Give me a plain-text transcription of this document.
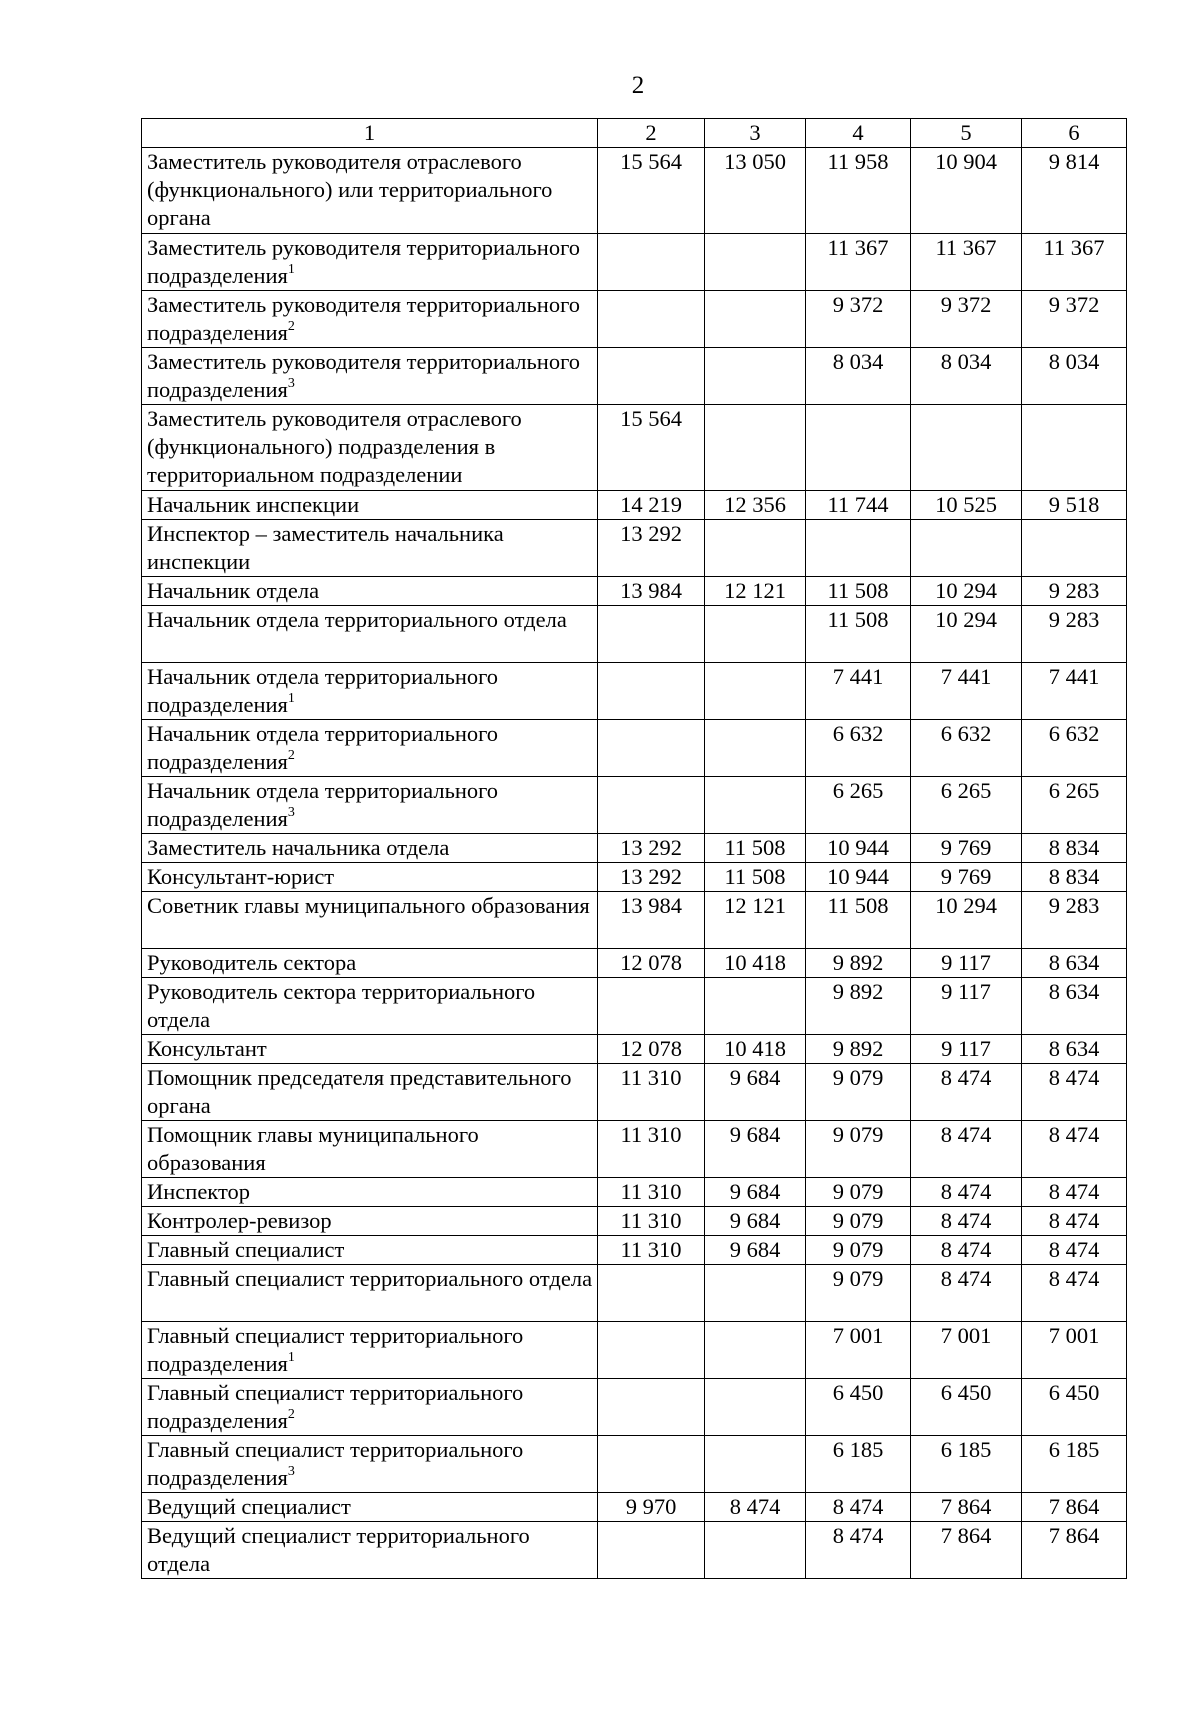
2
1	2	3	4	5	6
Заместитель руководителя отраслевого (функционального) или территориального органа	15 564	13 050	11 958	10 904	9 814
Заместитель руководителя территориального подразделения$^1$			11 367	11 367	11 367
Заместитель руководителя территориального подразделения$^2$			9 372	9 372	9 372
Заместитель руководителя территориального подразделения$^3$			8 034	8 034	8 034
Заместитель руководителя отраслевого (функционального) подразделения в территориальном подразделении	15 564				
Начальник инспекции	14 219	12 356	11 744	10 525	9 518
Инспектор – заместитель начальника инспекции	13 292				
Начальник отдела	13 984	12 121	11 508	10 294	9 283
Начальник отдела территориального отдела			11 508	10 294	9 283
Начальник отдела территориального подразделения$^1$			7 441	7 441	7 441
Начальник отдела территориального подразделения$^2$			6 632	6 632	6 632
Начальник отдела территориального подразделения$^3$			6 265	6 265	6 265
Заместитель начальника отдела	13 292	11 508	10 944	9 769	8 834
Консультант-юрист	13 292	11 508	10 944	9 769	8 834
Советник главы муниципального образования	13 984	12 121	11 508	10 294	9 283
Руководитель сектора	12 078	10 418	9 892	9 117	8 634
Руководитель сектора территориального отдела			9 892	9 117	8 634
Консультант	12 078	10 418	9 892	9 117	8 634
Помощник председателя представительного органа	11 310	9 684	9 079	8 474	8 474
Помощник главы муниципального образования	11 310	9 684	9 079	8 474	8 474
Инспектор	11 310	9 684	9 079	8 474	8 474
Контролер-ревизор	11 310	9 684	9 079	8 474	8 474
Главный специалист	11 310	9 684	9 079	8 474	8 474
Главный специалист территориального отдела			9 079	8 474	8 474
Главный специалист территориального подразделения$^1$			7 001	7 001	7 001
Главный специалист территориального подразделения$^2$			6 450	6 450	6 450
Главный специалист территориального подразделения$^3$			6 185	6 185	6 185
Ведущий специалист	9 970	8 474	8 474	7 864	7 864
Ведущий специалист территориального отдела			8 474	7 864	7 864
